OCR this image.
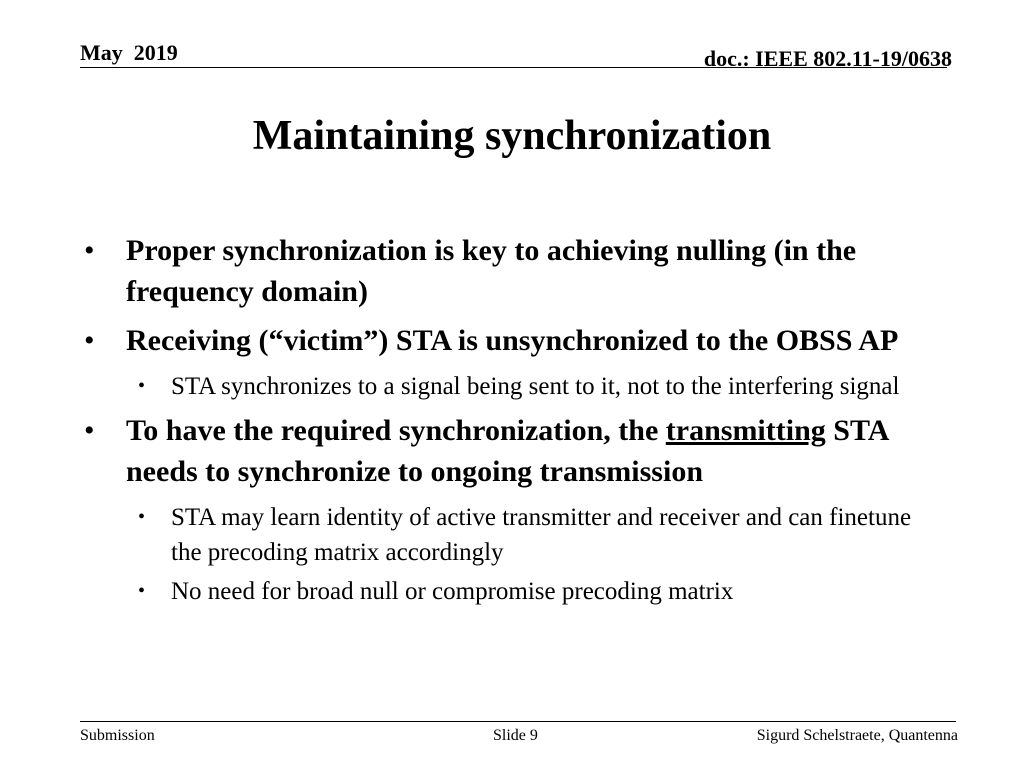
May  2019	doc.: IEEE 802.11-19/0638
Maintaining synchronization
• Proper synchronization is key to achieving nulling (in the frequency domain)
• Receiving (“victim”) STA is unsynchronized to the OBSS AP
• STA synchronizes to a signal being sent to it, not to the interfering signal
• To have the required synchronization, the transmitting STA needs to synchronize to ongoing transmission
• STA may learn identity of active transmitter and receiver and can finetune the precoding matrix accordingly
• No need for broad null or compromise precoding matrix
Submission	Slide 9	Sigurd Schelstraete, Quantenna
